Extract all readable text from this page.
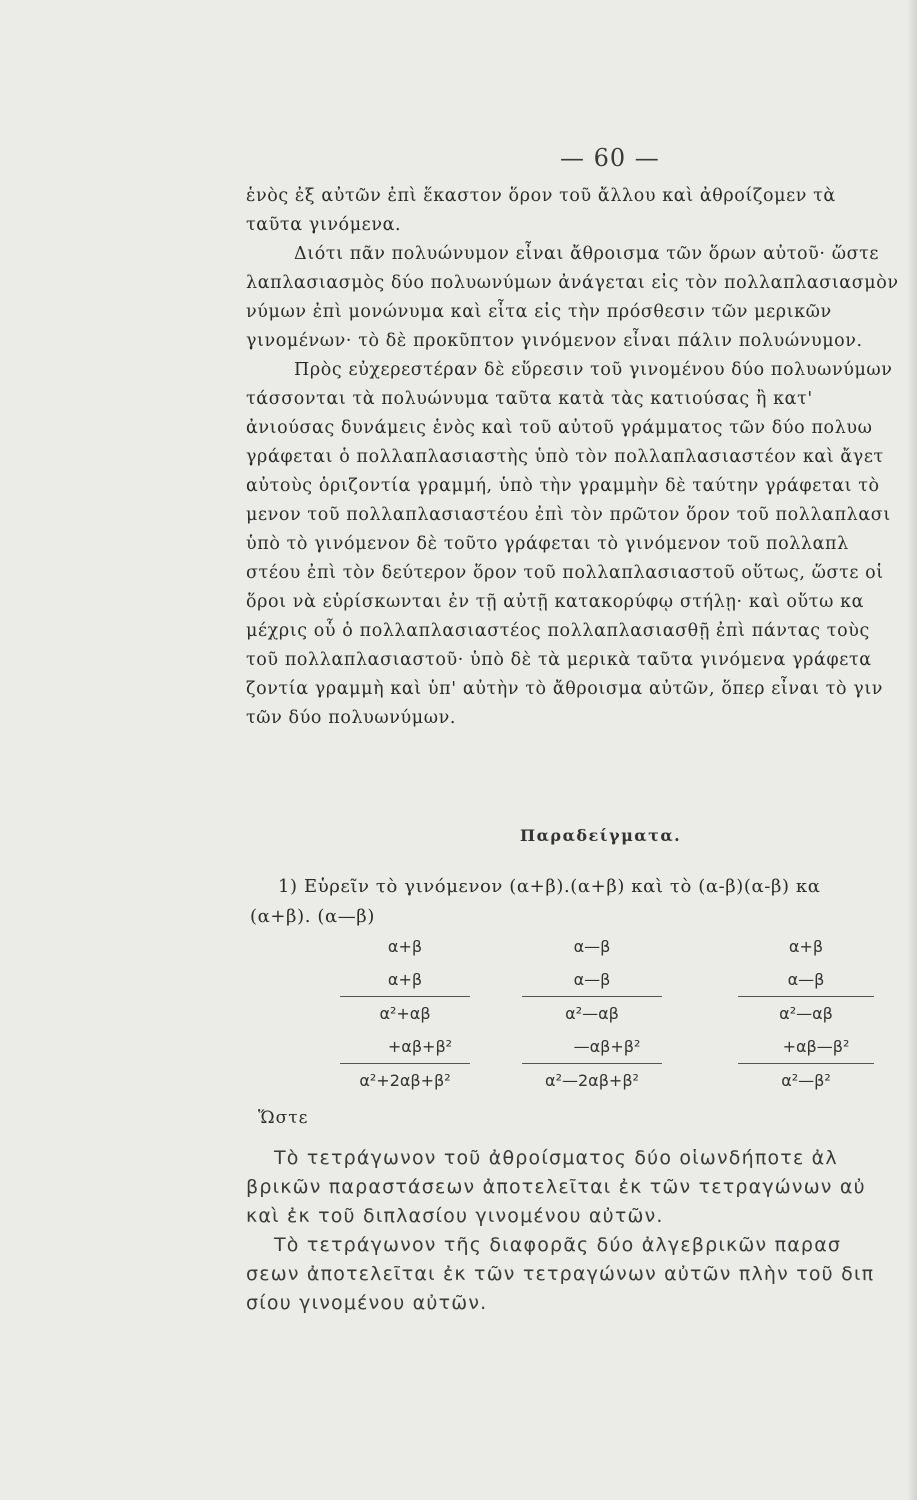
— 60 —
ἑνὸς ἐξ αὐτῶν ἐπὶ ἕκαστον ὅρον τοῦ ἄλλου καὶ ἀθροίζομεν τὰ
ταῦτα γινόμενα.
Διότι πᾶν πολυώνυμον εἶναι ἄθροισμα τῶν ὅρων αὐτοῦ· ὥστε
λαπλασιασμὸς δύο πολυωνύμων ἀνάγεται εἰς τὸν πολλαπλασιασμὸν
νύμων ἐπὶ μονώνυμα καὶ εἶτα εἰς τὴν πρόσθεσιν τῶν μερικῶν
γινομένων· τὸ δὲ προκῦπτον γινόμενον εἶναι πάλιν πολυώνυμον.
Πρὸς εὐχερεστέραν δὲ εὕρεσιν τοῦ γινομένου δύο πολυωνύμων
τάσσονται τὰ πολυώνυμα ταῦτα κατὰ τὰς κατιούσας ἢ κατ'
ἀνιούσας δυνάμεις ἑνὸς καὶ τοῦ αὐτοῦ γράμματος τῶν δύο πολυω
γράφεται ὁ πολλαπλασιαστὴς ὑπὸ τὸν πολλαπλασιαστέον καὶ ἄγετ
αὐτοὺς ὁριζοντία γραμμή, ὑπὸ τὴν γραμμὴν δὲ ταύτην γράφεται τὸ
μενον τοῦ πολλαπλασιαστέου ἐπὶ τὸν πρῶτον ὅρον τοῦ πολλαπλασι
ὑπὸ τὸ γινόμενον δὲ τοῦτο γράφεται τὸ γινόμενον τοῦ πολλαπλ
στέου ἐπὶ τὸν δεύτερον ὅρον τοῦ πολλαπλασιαστοῦ οὕτως, ὥστε οἱ
ὅροι νὰ εὑρίσκωνται ἐν τῇ αὐτῇ κατακορύφῳ στήλῃ· καὶ οὕτω κα
μέχρις οὗ ὁ πολλαπλασιαστέος πολλαπλασιασθῇ ἐπὶ πάντας τοὺς
τοῦ πολλαπλασιαστοῦ· ὑπὸ δὲ τὰ μερικὰ ταῦτα γινόμενα γράφετα
ζοντία γραμμὴ καὶ ὑπ' αὐτὴν τὸ ἄθροισμα αὐτῶν, ὅπερ εἶναι τὸ γιν
τῶν δύο πολυωνύμων.
Παραδείγματα.
1) Εὑρεῖν τὸ γινόμενον (α+β).(α+β) καὶ τὸ (α-β)(α-β) κα
(α+β). (α—β)
α+β
α+β
α²+αβ
+αβ+β²
α²+2αβ+β²
α—β
α—β
α²—αβ
—αβ+β²
α²—2αβ+β²
α+β
α—β
α²—αβ
+αβ—β²
α²—β²
Ὥστε
Τὸ τετράγωνον τοῦ ἀθροίσματος δύο οἱωνδήποτε ἀλ
βρικῶν παραστάσεων ἀποτελεῖται ἐκ τῶν τετραγώνων αὐ
καὶ ἐκ τοῦ διπλασίου γινομένου αὐτῶν.
Τὸ τετράγωνον τῆς διαφορᾶς δύο ἀλγεβρικῶν παρασ
σεων ἀποτελεῖται ἐκ τῶν τετραγώνων αὐτῶν πλὴν τοῦ διπ
σίου γινομένου αὐτῶν.
